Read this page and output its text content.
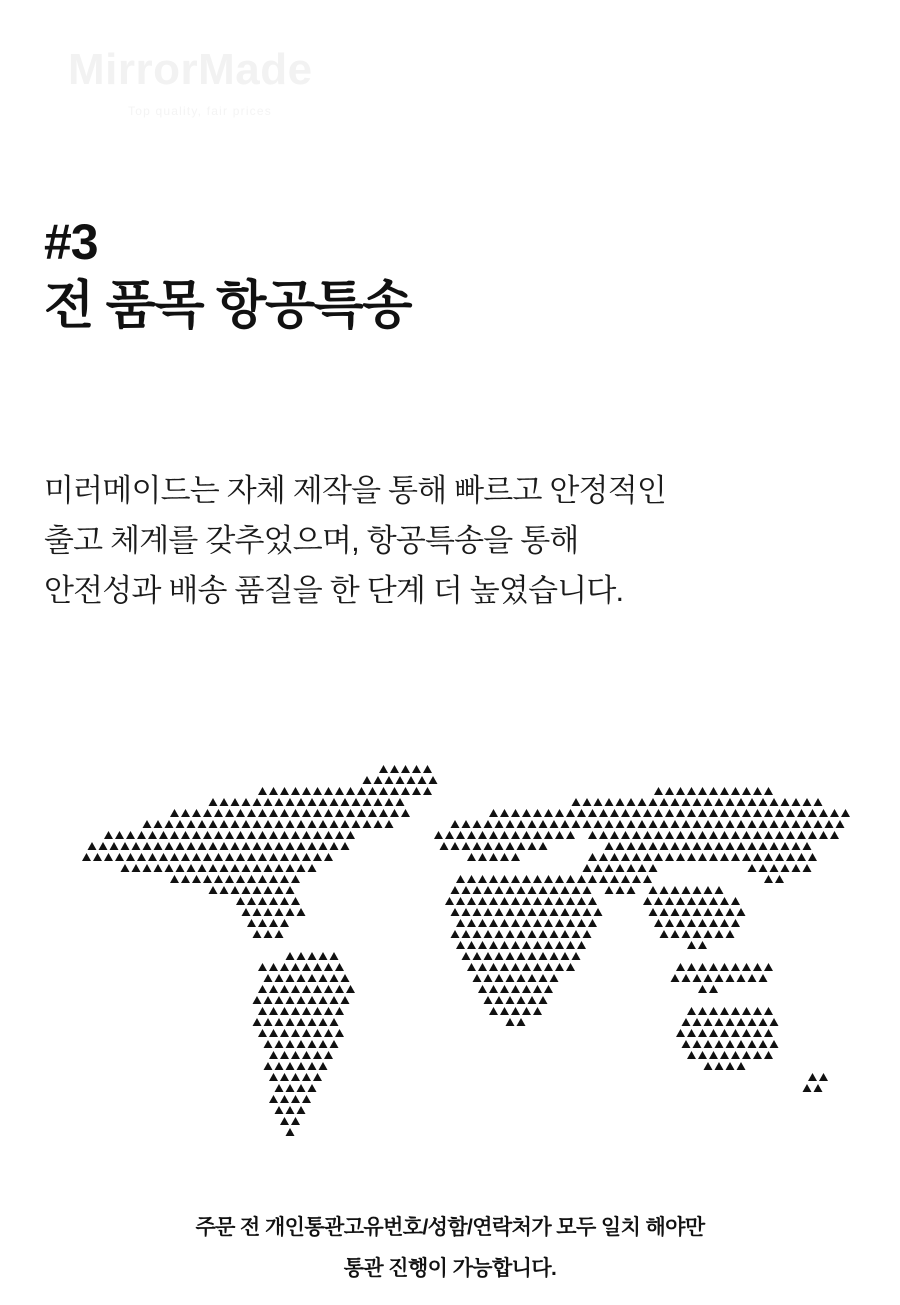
MirrorMade
Top quality, fair prices
#3
전 품목 항공특송
미러메이드는 자체 제작을 통해 빠르고 안정적인
출고 체계를 갖추었으며, 항공특송을 통해
안전성과 배송 품질을 한 단계 더 높였습니다.
주문 전 개인통관고유번호/성함/연락처가 모두 일치 해야만
통관 진행이 가능합니다.
